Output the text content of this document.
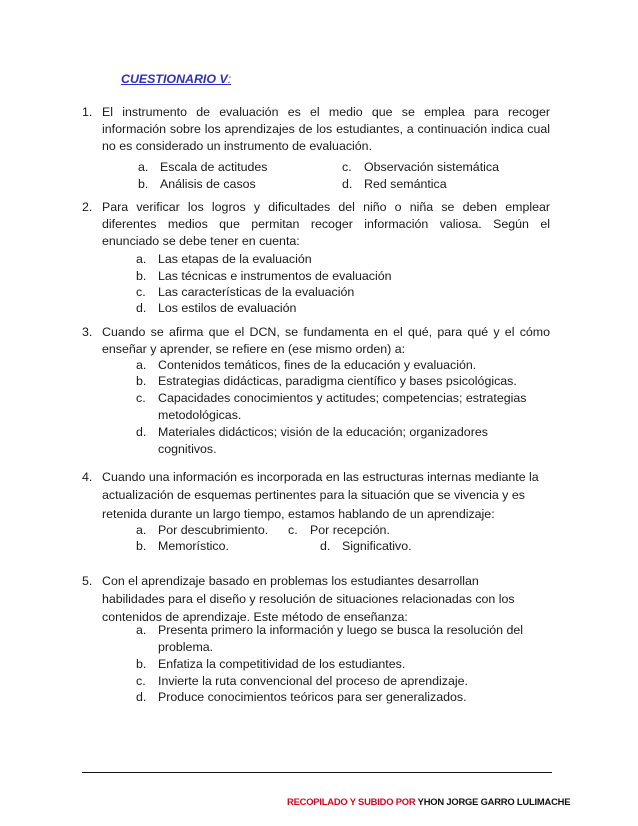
CUESTIONARIO V:
1. El instrumento de evaluación es el medio que se emplea para recoger
información sobre los aprendizajes de los estudiantes, a continuación indica cual
no es considerado un instrumento de evaluación.
a. Escala de actitudes
b. Análisis de casos
c. Observación sistemática
d. Red semántica
2. Para verificar los logros y dificultades del niño o niña se deben emplear
diferentes medios que permitan recoger información valiosa. Según el
enunciado se debe tener en cuenta:
a. Las etapas de la evaluación
b. Las técnicas e instrumentos de evaluación
c. Las características de la evaluación
d. Los estilos de evaluación
3. Cuando se afirma que el DCN, se fundamenta en el qué, para qué y el cómo
enseñar y aprender, se refiere en (ese mismo orden) a:
a. Contenidos temáticos, fines de la educación y evaluación.
b. Estrategias didácticas, paradigma científico y bases psicológicas.
c. Capacidades conocimientos y actitudes; competencias; estrategias
metodológicas.
d. Materiales didácticos; visión de la educación; organizadores
cognitivos.
4. Cuando una información es incorporada en las estructuras internas mediante la
actualización de esquemas pertinentes para la situación que se vivencia y es
retenida durante un largo tiempo, estamos hablando de un aprendizaje:
a. Por descubrimiento.
b. Memorístico.
c. Por recepción.
d. Significativo.
5. Con el aprendizaje basado en problemas los estudiantes desarrollan
habilidades para el diseño y resolución de situaciones relacionadas con los
contenidos de aprendizaje. Este método de enseñanza:
a. Presenta primero la información y luego se busca la resolución del
problema.
b. Enfatiza la competitividad de los estudiantes.
c. Invierte la ruta convencional del proceso de aprendizaje.
d. Produce conocimientos teóricos para ser generalizados.
RECOPILADO Y SUBIDO POR YHON JORGE GARRO LULIMACHE
